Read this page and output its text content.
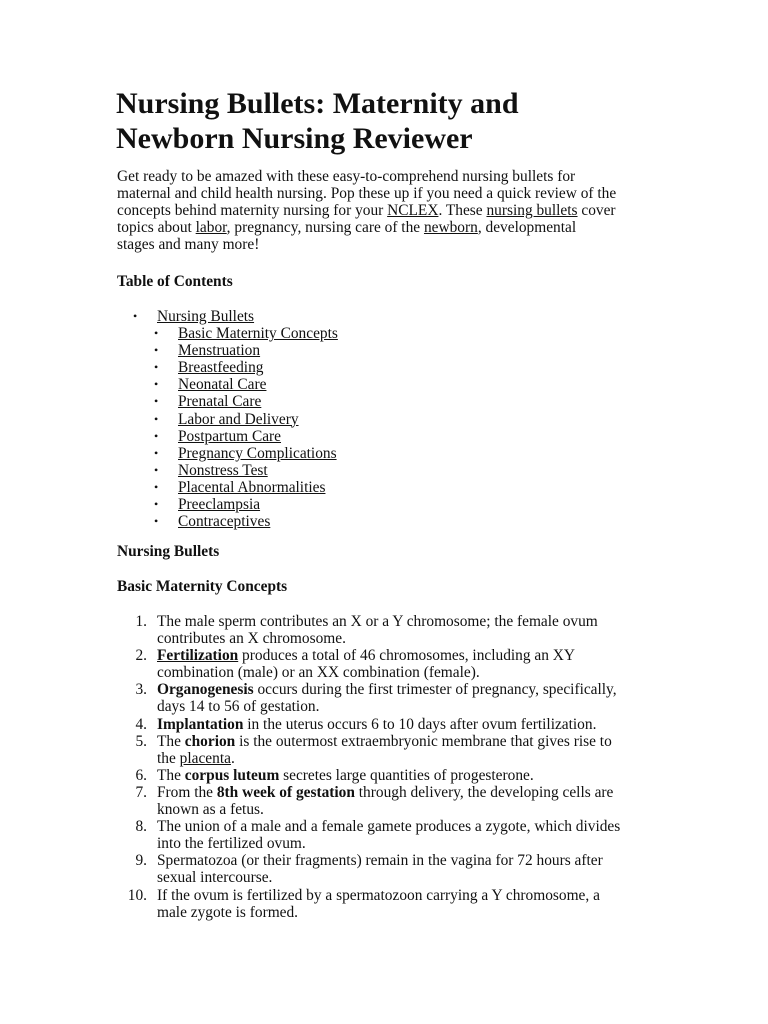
Nursing Bullets: Maternity and
Newborn Nursing Reviewer
Get ready to be amazed with these easy-to-comprehend nursing bullets for
maternal and child health nursing. Pop these up if you need a quick review of the
concepts behind maternity nursing for your NCLEX. These nursing bullets cover
topics about labor, pregnancy, nursing care of the newborn, developmental
stages and many more!
Table of Contents
• Nursing Bullets
• Basic Maternity Concepts
• Menstruation
• Breastfeeding
• Neonatal Care
• Prenatal Care
• Labor and Delivery
• Postpartum Care
• Pregnancy Complications
• Nonstress Test
• Placental Abnormalities
• Preeclampsia
• Contraceptives
Nursing Bullets
Basic Maternity Concepts
1. The male sperm contributes an X or a Y chromosome; the female ovum
contributes an X chromosome.
2. Fertilization produces a total of 46 chromosomes, including an XY
combination (male) or an XX combination (female).
3. Organogenesis occurs during the first trimester of pregnancy, specifically,
days 14 to 56 of gestation.
4. Implantation in the uterus occurs 6 to 10 days after ovum fertilization.
5. The chorion is the outermost extraembryonic membrane that gives rise to
the placenta.
6. The corpus luteum secretes large quantities of progesterone.
7. From the 8th week of gestation through delivery, the developing cells are
known as a fetus.
8. The union of a male and a female gamete produces a zygote, which divides
into the fertilized ovum.
9. Spermatozoa (or their fragments) remain in the vagina for 72 hours after
sexual intercourse.
10. If the ovum is fertilized by a spermatozoon carrying a Y chromosome, a
male zygote is formed.
